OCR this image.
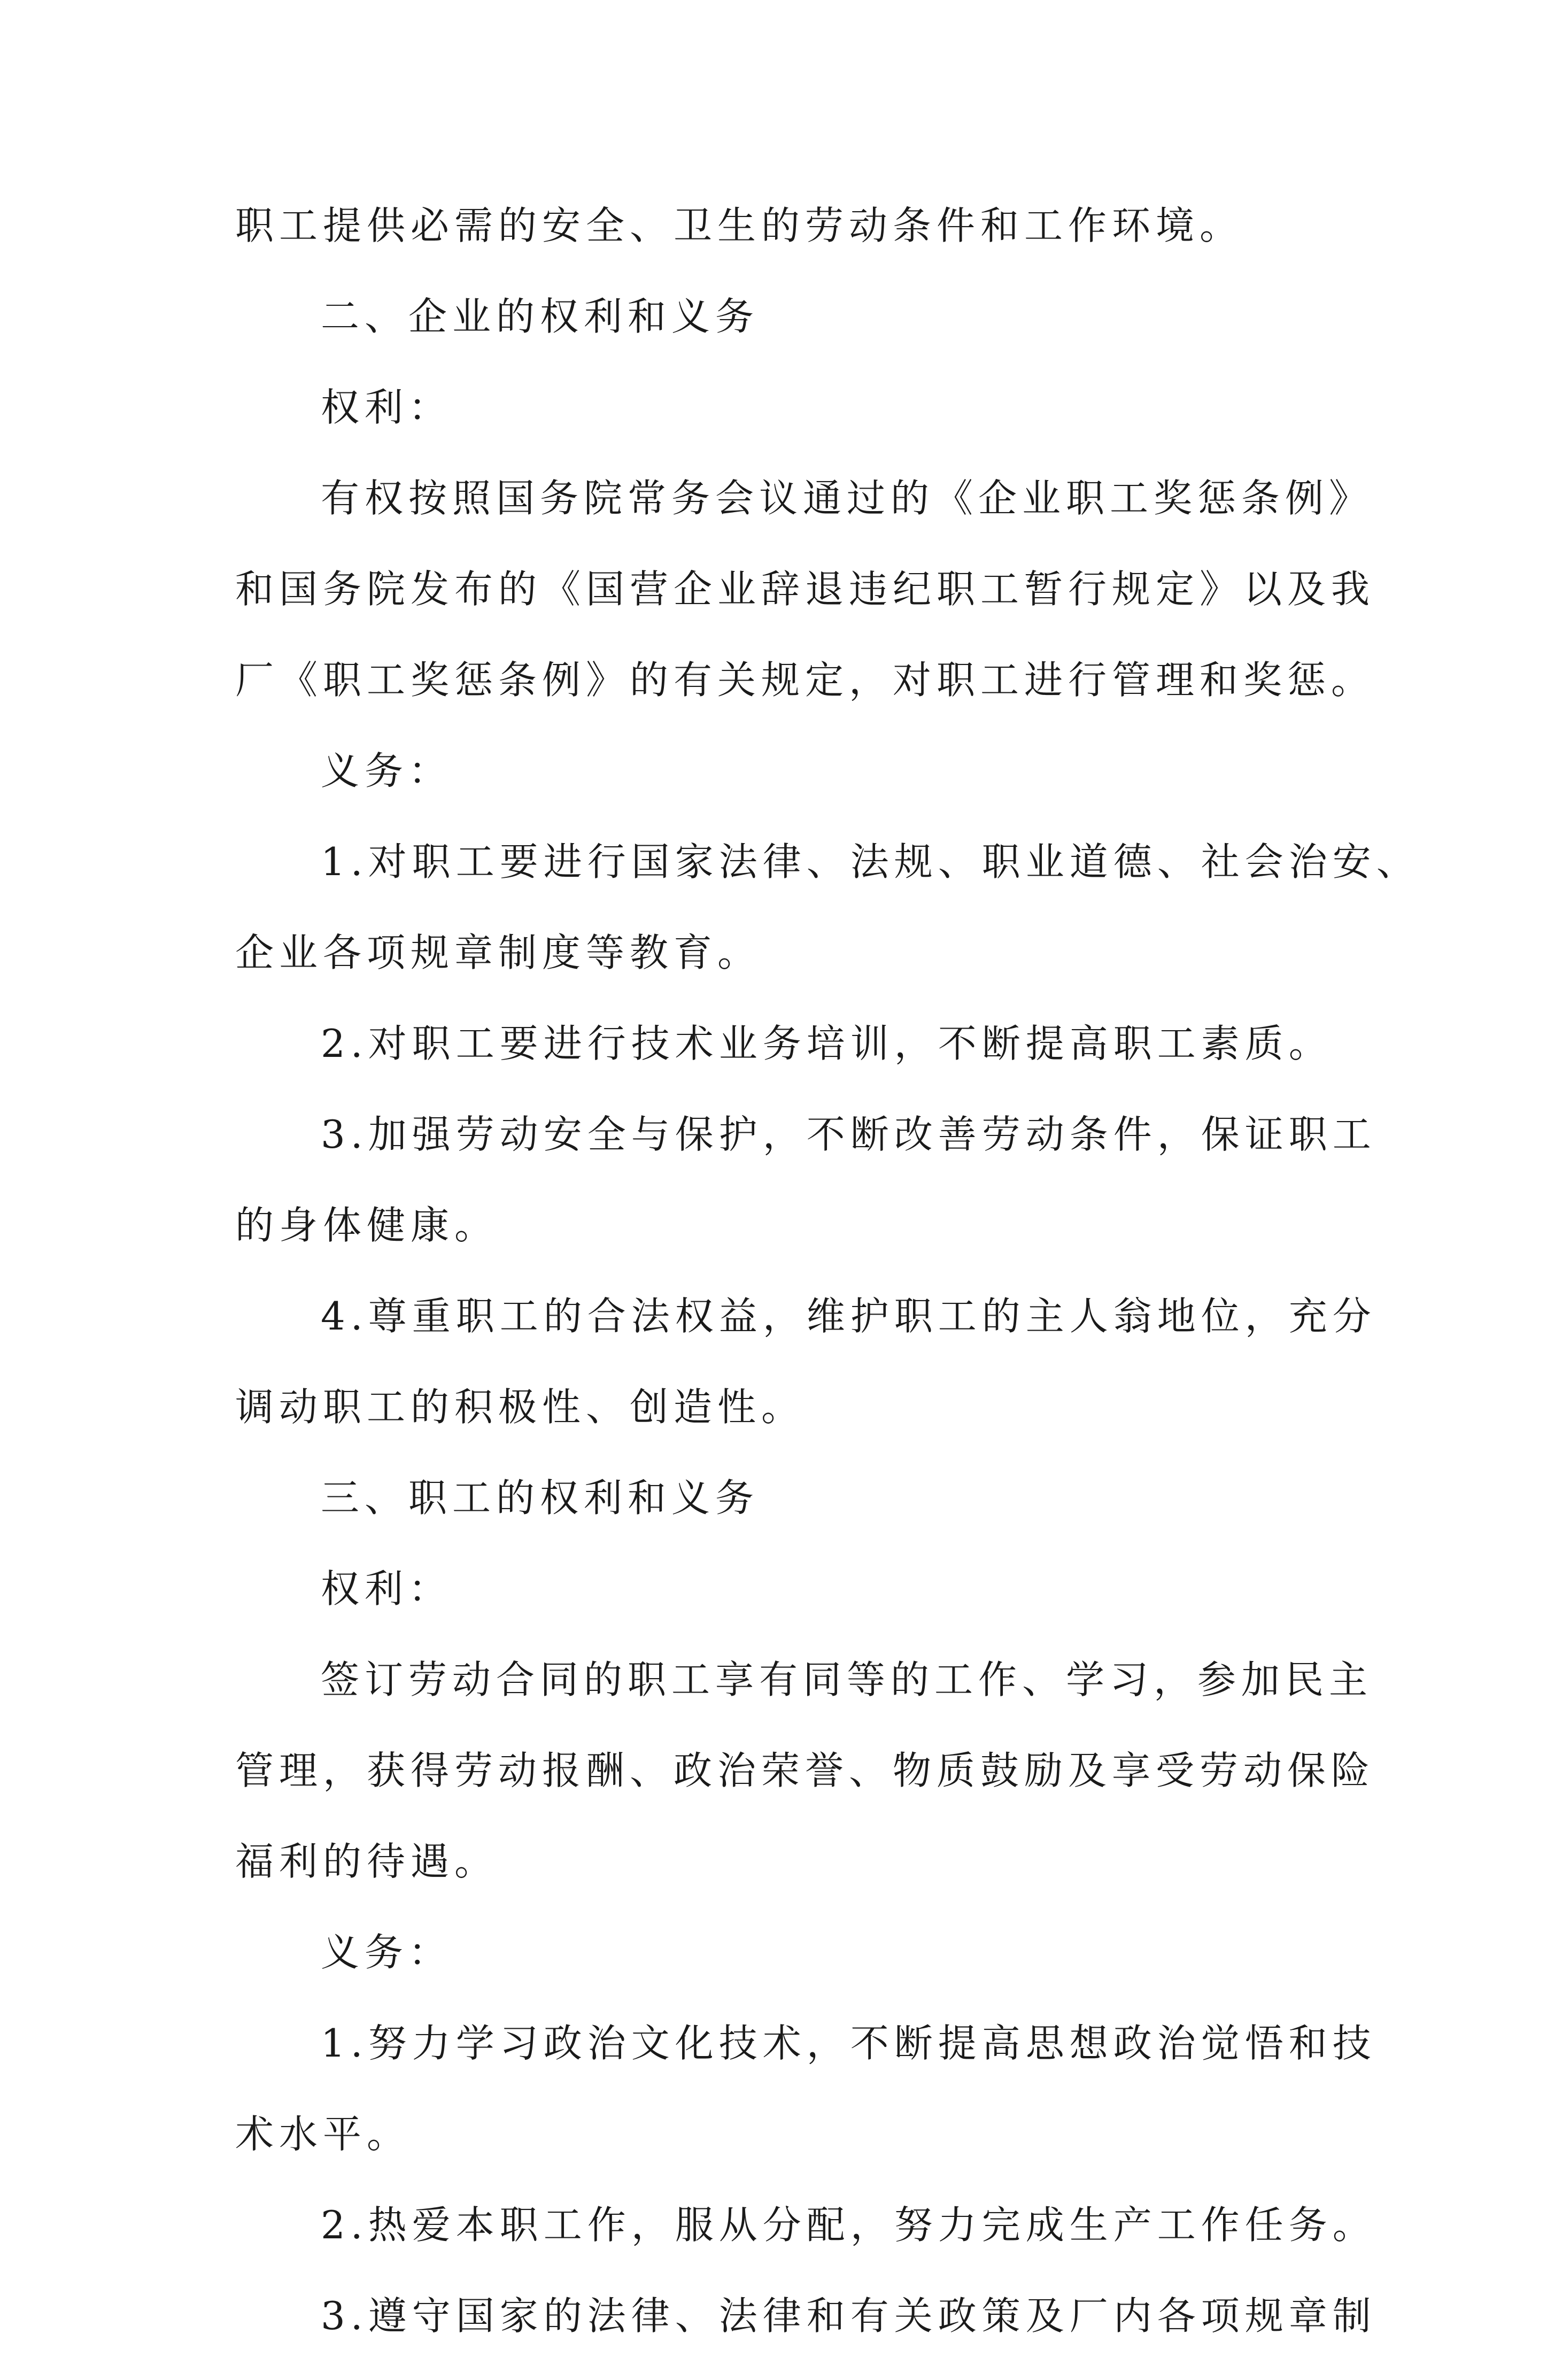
职工提供必需的安全、卫生的劳动条件和工作环境。
二、企业的权利和义务
权利：
有权按照国务院常务会议通过的《企业职工奖惩条例》
和国务院发布的《国营企业辞退违纪职工暂行规定》以及我
厂《职工奖惩条例》的有关规定，对职工进行管理和奖惩。
义务：
1.对职工要进行国家法律、法规、职业道德、社会治安、
企业各项规章制度等教育。
2.对职工要进行技术业务培训，不断提高职工素质。
3.加强劳动安全与保护，不断改善劳动条件，保证职工
的身体健康。
4.尊重职工的合法权益，维护职工的主人翁地位，充分
调动职工的积极性、创造性。
三、职工的权利和义务
权利：
签订劳动合同的职工享有同等的工作、学习，参加民主
管理，获得劳动报酬、政治荣誉、物质鼓励及享受劳动保险
福利的待遇。
义务：
1.努力学习政治文化技术，不断提高思想政治觉悟和技
术水平。
2.热爱本职工作，服从分配，努力完成生产工作任务。
3.遵守国家的法律、法律和有关政策及厂内各项规章制
